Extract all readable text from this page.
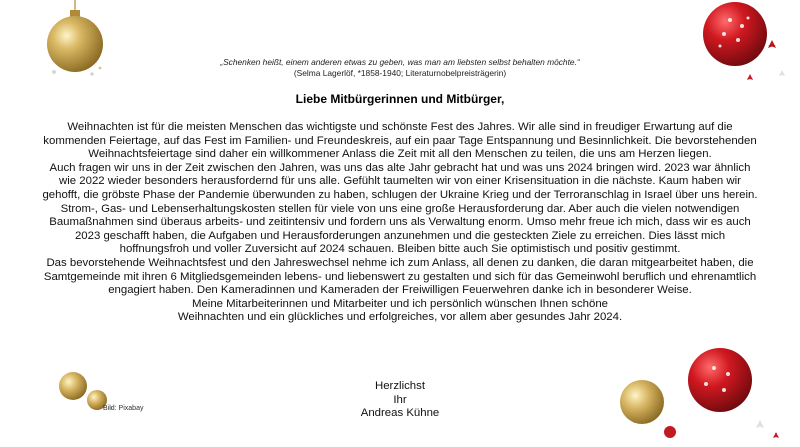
„Schenken heißt, einem anderen etwas zu geben, was man am liebsten selbst behalten möchte.“
(Selma Lagerlöf, *1858-1940; Literaturnobelpreisträgerin)
Liebe Mitbürgerinnen und Mitbürger,

Weihnachten ist für die meisten Menschen das wichtigste und schönste Fest des Jahres. Wir alle sind in freudiger Erwartung auf die kommenden Feiertage, auf das Fest im Familien- und Freundeskreis, auf ein paar Tage Entspannung und Besinnlichkeit. Die bevorstehenden Weihnachtsfeiertage sind daher ein willkommener Anlass die Zeit mit all den Menschen zu teilen, die uns am Herzen liegen.

Auch fragen wir uns in der Zeit zwischen den Jahren, was uns das alte Jahr gebracht hat und was uns 2024 bringen wird. 2023 war ähnlich wie 2022 wieder besonders herausfordernd für uns alle. Gefühlt taumelten wir von einer Krisensituation in die nächste. Kaum haben wir gehofft, die gröbste Phase der Pandemie überwunden zu haben, schlugen der Ukraine Krieg und der Terroranschlag in Israel über uns herein. Strom-, Gas- und Lebenserhaltungskosten stellen für viele von uns eine große Herausforderung dar. Aber auch die vielen notwendigen Baumaßnahmen sind überaus arbeits- und zeitintensiv und fordern uns als Verwaltung enorm. Umso mehr freue ich mich, dass wir es auch 2023 geschafft haben, die Aufgaben und Herausforderungen anzunehmen und die gesteckten Ziele zu erreichen. Dies lässt mich hoffnungsfroh und voller Zuversicht auf 2024 schauen. Bleiben bitte auch Sie optimistisch und positiv gestimmt.

Das bevorstehende Weihnachtsfest und den Jahreswechsel nehme ich zum Anlass, all denen zu danken, die daran mitgearbeitet haben, die Samtgemeinde mit ihren 6 Mitgliedsgemeinden lebens- und liebenswert zu gestalten und sich für das Gemeinwohl beruflich und ehrenamtlich engagiert haben. Den Kameradinnen und Kameraden der Freiwilligen Feuerwehren danke ich in besonderer Weise.

Meine Mitarbeiterinnen und Mitarbeiter und ich persönlich wünschen Ihnen schöne

Weihnachten und ein glückliches und erfolgreiches, vor allem aber gesundes Jahr 2024.

Herzlichst
Ihr
Andreas Kühne
Bild: Pixabay
